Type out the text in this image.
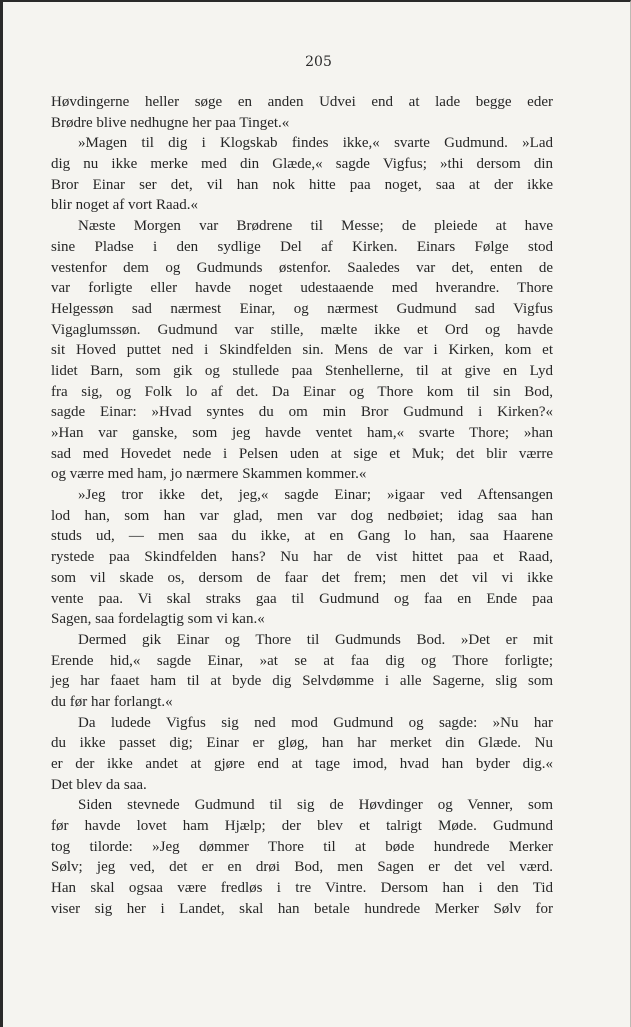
205
Høvdingerne heller søge en anden Udvei end at lade begge eder
Brødre blive nedhugne her paa Tinget.«
»Magen til dig i Klogskab findes ikke,« svarte Gudmund. »Lad
dig nu ikke merke med din Glæde,« sagde Vigfus; »thi dersom din
Bror Einar ser det, vil han nok hitte paa noget, saa at der ikke
blir noget af vort Raad.«
Næste Morgen var Brødrene til Messe; de pleiede at have
sine Pladse i den sydlige Del af Kirken. Einars Følge stod
vestenfor dem og Gudmunds østenfor. Saaledes var det, enten de
var forligte eller havde noget udestaaende med hverandre. Thore
Helgessøn sad nærmest Einar, og nærmest Gudmund sad Vigfus
Vigaglumssøn. Gudmund var stille, mælte ikke et Ord og havde
sit Hoved puttet ned i Skindfelden sin. Mens de var i Kirken, kom et
lidet Barn, som gik og stullede paa Stenhellerne, til at give en Lyd
fra sig, og Folk lo af det. Da Einar og Thore kom til sin Bod,
sagde Einar: »Hvad syntes du om min Bror Gudmund i Kirken?«
»Han var ganske, som jeg havde ventet ham,« svarte Thore; »han
sad med Hovedet nede i Pelsen uden at sige et Muk; det blir værre
og værre med ham, jo nærmere Skammen kommer.«
»Jeg tror ikke det, jeg,« sagde Einar; »igaar ved Aftensangen
lod han, som han var glad, men var dog nedbøiet; idag saa han
studs ud, — men saa du ikke, at en Gang lo han, saa Haarene
rystede paa Skindfelden hans? Nu har de vist hittet paa et Raad,
som vil skade os, dersom de faar det frem; men det vil vi ikke
vente paa. Vi skal straks gaa til Gudmund og faa en Ende paa
Sagen, saa fordelagtig som vi kan.«
Dermed gik Einar og Thore til Gudmunds Bod. »Det er mit
Erende hid,« sagde Einar, »at se at faa dig og Thore forligte;
jeg har faaet ham til at byde dig Selvdømme i alle Sagerne, slig som
du før har forlangt.«
Da ludede Vigfus sig ned mod Gudmund og sagde: »Nu har
du ikke passet dig; Einar er gløg, han har merket din Glæde. Nu
er der ikke andet at gjøre end at tage imod, hvad han byder dig.«
Det blev da saa.
Siden stevnede Gudmund til sig de Høvdinger og Venner, som
før havde lovet ham Hjælp; der blev et talrigt Møde. Gudmund
tog tilorde: »Jeg dømmer Thore til at bøde hundrede Merker
Sølv; jeg ved, det er en drøi Bod, men Sagen er det vel værd.
Han skal ogsaa være fredløs i tre Vintre. Dersom han i den Tid
viser sig her i Landet, skal han betale hundrede Merker Sølv for
